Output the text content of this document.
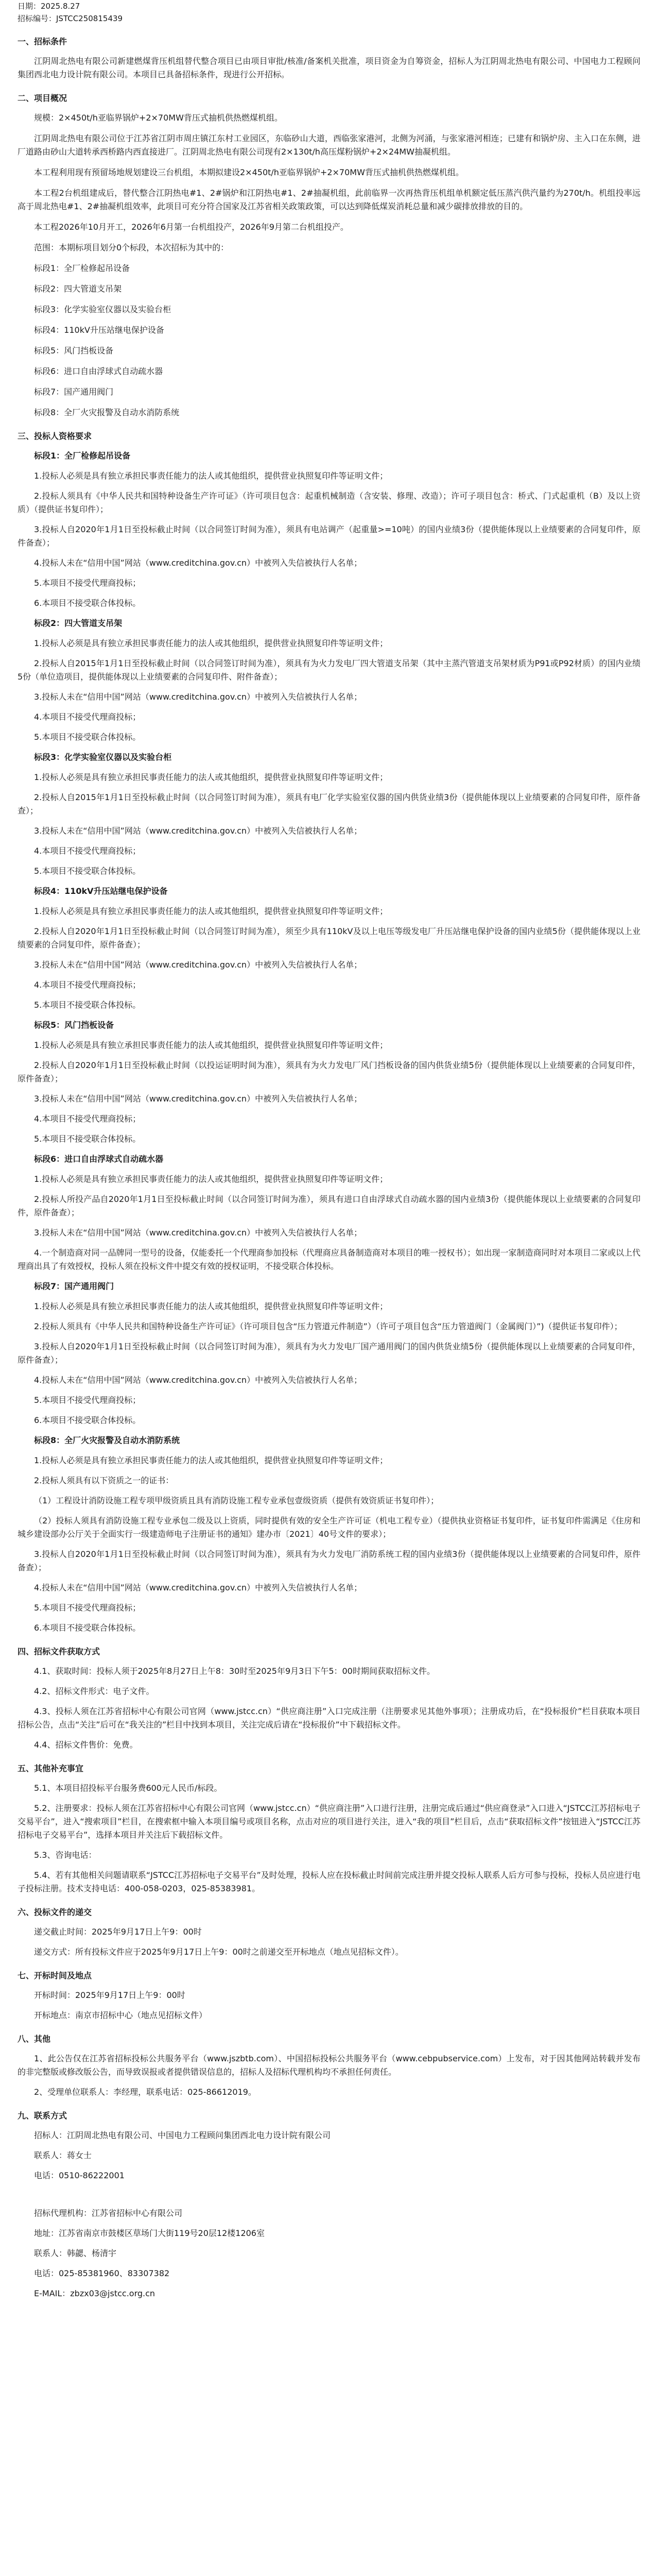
日期：2025.8.27

招标编号：JSTCC250815439

一、招标条件

江阴周北热电有限公司新建燃煤背压机组替代整合项目已由项目审批/核准/备案机关批准，项目资金为自筹资金，招标人为江阴周北热电有限公司、中国电力工程顾问集团西北电力设计院有限公司。本项目已具备招标条件，现进行公开招标。

二、项目概况

规模：2×450t/h亚临界锅炉+2×70MW背压式抽机供热燃煤机组。

江阴周北热电有限公司位于江苏省江阴市周庄镇江东村工业园区，东临砂山大道，西临张家港河，北侧为河涌，与张家港河相连；已建有和锅炉房、主入口在东侧，进厂道路由砂山大道转承西桥路内西直接进厂。江阴周北热电有限公司现有2×130t/h高压煤粉锅炉+2×24MW抽凝机组。

本工程利用现有预留场地规划建设三台机组，本期拟建设2×450t/h亚临界锅炉+2×70MW背压式抽机供热燃煤机组。

本工程2台机组建成后，替代整合江阴热电#1、2#锅炉和江阴热电#1、2#抽凝机组，此前临界一次再热背压机组单机额定低压蒸汽供汽量约为270t/h。机组投率远高于周北热电#1、2#抽凝机组效率，此项目可充分符合国家及江苏省相关政策政策，可以达到降低煤炭消耗总量和减少碳排放排放的目的。

本工程2026年10月开工，2026年6月第一台机组投产，2026年9月第二台机组投产。

范围：本期标项目划分0个标段，本次招标为其中的：

标段1：全厂检修起吊设备

标段2：四大管道支吊架

标段3：化学实验室仪器以及实验台柜

标段4：110kV升压站继电保护设备

标段5：风门挡板设备

标段6：进口自由浮球式自动疏水器

标段7：国产通用阀门

标段8：全厂火灾报警及自动水消防系统

三、投标人资格要求

标段1：全厂检修起吊设备

1.投标人必须是具有独立承担民事责任能力的法人或其他组织，提供营业执照复印件等证明文件；

2.投标人须具有《中华人民共和国特种设备生产许可证》（许可项目包含：起重机械制造（含安装、修理、改造）；许可子项目包含：桥式、门式起重机（B）及以上资质）（提供证书复印件）；

3.投标人自2020年1月1日至投标截止时间（以合同签订时间为准），须具有电站调产（起重量>=10吨）的国内业绩3份（提供能体现以上业绩要素的合同复印件，原件备查）；

4.投标人未在“信用中国”网站（www.creditchina.gov.cn）中被列入失信被执行人名单；

5.本项目不接受代理商投标；

6.本项目不接受联合体投标。

标段2：四大管道支吊架

1.投标人必须是具有独立承担民事责任能力的法人或其他组织，提供营业执照复印件等证明文件；

2.投标人自2015年1月1日至投标截止时间（以合同签订时间为准），须具有为火力发电厂四大管道支吊架（其中主蒸汽管道支吊架材质为P91或P92材质）的国内业绩5份（单位造项目，提供能体现以上业绩要素的合同复印件、附件备查）；

3.投标人未在“信用中国”网站（www.creditchina.gov.cn）中被列入失信被执行人名单；

4.本项目不接受代理商投标；

5.本项目不接受联合体投标。

标段3：化学实验室仪器以及实验台柜

1.投标人必须是具有独立承担民事责任能力的法人或其他组织，提供营业执照复印件等证明文件；

2.投标人自2015年1月1日至投标截止时间（以合同签订时间为准），须具有电厂化学实验室仪器的国内供货业绩3份（提供能体现以上业绩要素的合同复印件，原件备查）；

3.投标人未在“信用中国”网站（www.creditchina.gov.cn）中被列入失信被执行人名单；

4.本项目不接受代理商投标；

5.本项目不接受联合体投标。

标段4：110kV升压站继电保护设备

1.投标人必须是具有独立承担民事责任能力的法人或其他组织，提供营业执照复印件等证明文件；

2.投标人自2020年1月1日至投标截止时间（以合同签订时间为准），须至少具有110kV及以上电压等级发电厂升压站继电保护设备的国内业绩5份（提供能体现以上业绩要素的合同复印件，原件备查）；

3.投标人未在“信用中国”网站（www.creditchina.gov.cn）中被列入失信被执行人名单；

4.本项目不接受代理商投标；

5.本项目不接受联合体投标。

标段5：风门挡板设备

1.投标人必须是具有独立承担民事责任能力的法人或其他组织，提供营业执照复印件等证明文件；

2.投标人自2020年1月1日至投标截止时间（以投运证明时间为准），须具有为火力发电厂风门挡板设备的国内供货业绩5份（提供能体现以上业绩要素的合同复印件，原件备查）；

3.投标人未在“信用中国”网站（www.creditchina.gov.cn）中被列入失信被执行人名单；

4.本项目不接受代理商投标；

5.本项目不接受联合体投标。

标段6：进口自由浮球式自动疏水器

1.投标人必须是具有独立承担民事责任能力的法人或其他组织，提供营业执照复印件等证明文件；

2.投标人所投产品自2020年1月1日至投标截止时间（以合同签订时间为准），须具有进口自由浮球式自动疏水器的国内业绩3份（提供能体现以上业绩要素的合同复印件，原件备查）；

3.投标人未在“信用中国”网站（www.creditchina.gov.cn）中被列入失信被执行人名单；

4.一个制造商对同一品牌同一型号的设备，仅能委托一个代理商参加投标（代理商应具备制造商对本项目的唯一授权书）；如出现一家制造商同时对本项目二家或以上代理商出具了有效授权，投标人须在投标文件中提交有效的授权证明，不接受联合体投标。

标段7：国产通用阀门

1.投标人必须是具有独立承担民事责任能力的法人或其他组织，提供营业执照复印件等证明文件；

2.投标人须具有《中华人民共和国特种设备生产许可证》（许可项目包含“压力管道元件制造”）（许可子项目包含“压力管道阀门（金属阀门）”)（提供证书复印件）；

3.投标人自2020年1月1日至投标截止时间（以合同签订时间为准），须具有为火力发电厂国产通用阀门的国内供货业绩5份（提供能体现以上业绩要素的合同复印件，原件备查）；

4.投标人未在“信用中国”网站（www.creditchina.gov.cn）中被列入失信被执行人名单；

5.本项目不接受代理商投标；

6.本项目不接受联合体投标。

标段8：全厂火灾报警及自动水消防系统

1.投标人必须是具有独立承担民事责任能力的法人或其他组织，提供营业执照复印件等证明文件；

2.投标人须具有以下资质之一的证书：

（1）工程设计消防设施工程专项甲级资质且具有消防设施工程专业承包壹级资质（提供有效资质证书复印件）；

（2）投标人须具有消防设施工程专业承包二级及以上资质，同时提供有效的安全生产许可证（机电工程专业）（提供执业资格证书复印件，证书复印件需满足《住房和城乡建设部办公厅关于全面实行一级建造师电子注册证书的通知》建办市〔2021〕40号文件的要求）；

3.投标人自2020年1月1日至投标截止时间（以合同签订时间为准），须具有为火力发电厂消防系统工程的国内业绩3份（提供能体现以上业绩要素的合同复印件，原件备查）；

4.投标人未在“信用中国”网站（www.creditchina.gov.cn）中被列入失信被执行人名单；

5.本项目不接受代理商投标；

6.本项目不接受联合体投标。

四、招标文件获取方式

4.1、获取时间：投标人须于2025年8月27日上午8：30时至2025年9月3日下午5：00时期间获取招标文件。

4.2、招标文件形式：电子文件。

4.3、投标人须在江苏省招标中心有限公司官网（www.jstcc.cn）“供应商注册”入口完成注册（注册要求见其他外事项）；注册成功后，在“投标报价”栏目获取本项目招标公告，点击“关注”后可在“我关注的”栏目中找到本项目，关注完成后请在“投标报价”中下载招标文件。

4.4、招标文件售价：免费。

五、其他补充事宜

5.1、本项目招投标平台服务费600元人民币/标段。

5.2、注册要求：投标人须在江苏省招标中心有限公司官网（www.jstcc.cn）“供应商注册”入口进行注册，注册完成后通过“供应商登录”入口进入“JSTCC江苏招标电子交易平台”，进入“搜索项目”栏目，在搜索框中输入本项目编号或项目名称，点击对应的项目进行关注，进入“我的项目”栏目后，点击“获取招标文件”按钮进入“JSTCC江苏招标电子交易平台”，选择本项目并关注后下载招标文件。

5.3、咨询电话：

5.4、若有其他相关问题请联系“JSTCC江苏招标电子交易平台”及时处理，投标人应在投标截止时间前完成注册并提交投标人联系人后方可参与投标，投标人员应进行电子投标注册。技术支持电话：400-058-0203，025-85383981。

六、投标文件的递交

递交截止时间：2025年9月17日上午9：00时

递交方式：所有投标文件应于2025年9月17日上午9：00时之前递交至开标地点（地点见招标文件）。

七、开标时间及地点

开标时间：2025年9月17日上午9：00时

开标地点：南京市招标中心（地点见招标文件）

八、其他

1、此公告仅在江苏省招标投标公共服务平台（www.jszbtb.com）、中国招标投标公共服务平台（www.cebpubservice.com）上发布，对于因其他网站转载并发布的非完整版或修改版公告，而导致误报或者提供错误信息的，招标人及招标代理机构均不承担任何责任。

2、受理单位联系人：李经理，联系电话：025-86612019。

九、联系方式

招标人：江阴周北热电有限公司、中国电力工程顾问集团西北电力设计院有限公司

联系人：蒋女士

电话：0510-86222001

招标代理机构：江苏省招标中心有限公司

地址：江苏省南京市鼓楼区草场门大街119号20层12楼1206室

联系人：韩勰、杨清宇

电话：025-85381960、83307382

E-MAIL：zbzx03@jstcc.org.cn
